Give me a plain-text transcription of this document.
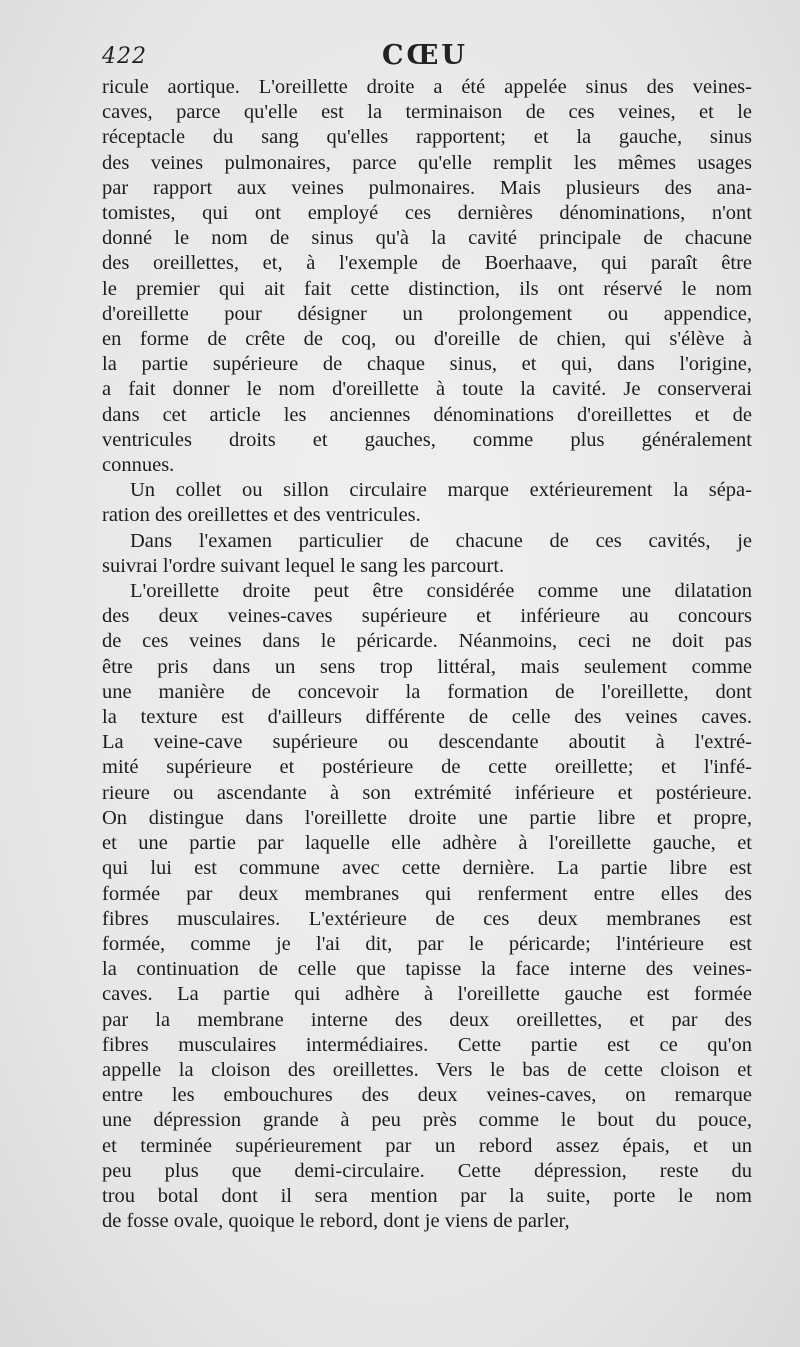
422	CŒU
ricule aortique. L'oreillette droite a été appelée sinus des veines-
caves, parce qu'elle est la terminaison de ces veines, et le
réceptacle du sang qu'elles rapportent; et la gauche, sinus
des veines pulmonaires, parce qu'elle remplit les mêmes usages
par rapport aux veines pulmonaires. Mais plusieurs des ana-
tomistes, qui ont employé ces dernières dénominations, n'ont
donné le nom de sinus qu'à la cavité principale de chacune
des oreillettes, et, à l'exemple de Boerhaave, qui paraît être
le premier qui ait fait cette distinction, ils ont réservé le nom
d'oreillette pour désigner un prolongement ou appendice,
en forme de crête de coq, ou d'oreille de chien, qui s'élève à
la partie supérieure de chaque sinus, et qui, dans l'origine,
a fait donner le nom d'oreillette à toute la cavité. Je conserverai
dans cet article les anciennes dénominations d'oreillettes et de
ventricules droits et gauches, comme plus généralement
connues.
Un collet ou sillon circulaire marque extérieurement la sépa-
ration des oreillettes et des ventricules.
Dans l'examen particulier de chacune de ces cavités, je
suivrai l'ordre suivant lequel le sang les parcourt.
L'oreillette droite peut être considérée comme une dilatation
des deux veines-caves supérieure et inférieure au concours
de ces veines dans le péricarde. Néanmoins, ceci ne doit pas
être pris dans un sens trop littéral, mais seulement comme
une manière de concevoir la formation de l'oreillette, dont
la texture est d'ailleurs différente de celle des veines caves.
La veine-cave supérieure ou descendante aboutit à l'extré-
mité supérieure et postérieure de cette oreillette; et l'infé-
rieure ou ascendante à son extrémité inférieure et postérieure.
On distingue dans l'oreillette droite une partie libre et propre,
et une partie par laquelle elle adhère à l'oreillette gauche, et
qui lui est commune avec cette dernière. La partie libre est
formée par deux membranes qui renferment entre elles des
fibres musculaires. L'extérieure de ces deux membranes est
formée, comme je l'ai dit, par le péricarde; l'intérieure est
la continuation de celle que tapisse la face interne des veines-
caves. La partie qui adhère à l'oreillette gauche est formée
par la membrane interne des deux oreillettes, et par des
fibres musculaires intermédiaires. Cette partie est ce qu'on
appelle la cloison des oreillettes. Vers le bas de cette cloison et
entre les embouchures des deux veines-caves, on remarque
une dépression grande à peu près comme le bout du pouce,
et terminée supérieurement par un rebord assez épais, et un
peu plus que demi-circulaire. Cette dépression, reste du
trou botal dont il sera mention par la suite, porte le nom
de fosse ovale, quoique le rebord, dont je viens de parler,
